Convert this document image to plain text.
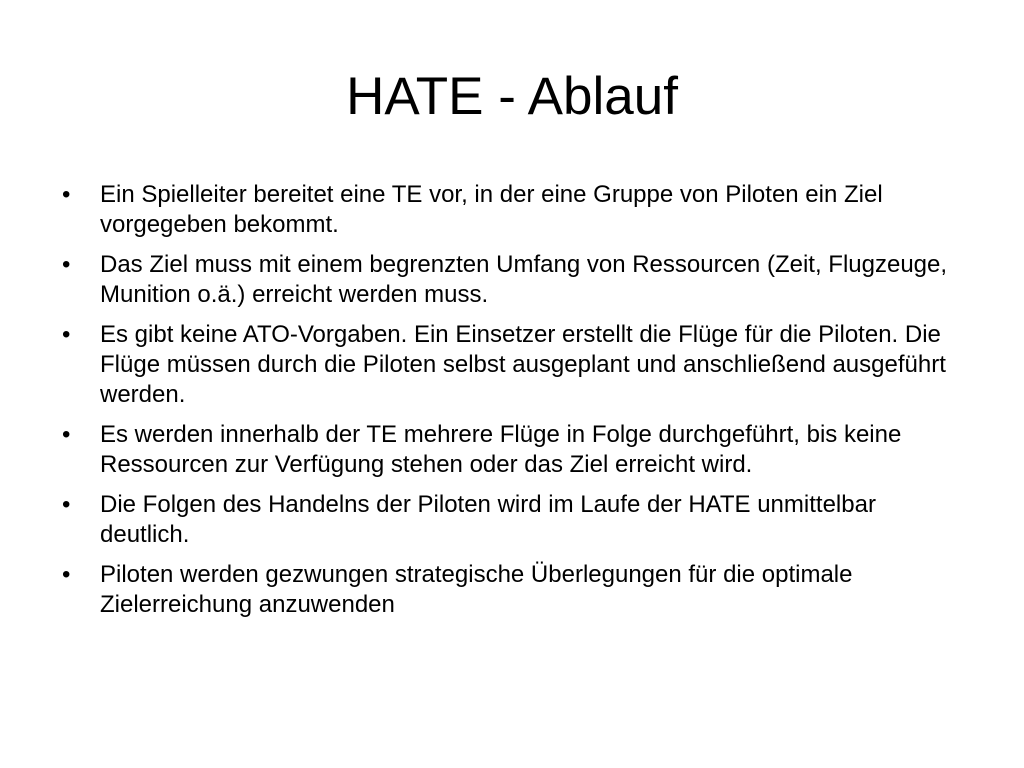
HATE - Ablauf
•	Ein Spielleiter bereitet eine TE vor, in der eine Gruppe von Piloten ein Ziel vorgegeben bekommt.
•	Das Ziel muss mit einem begrenzten Umfang von Ressourcen (Zeit, Flugzeuge, Munition o.ä.) erreicht werden muss.
•	Es gibt keine ATO-Vorgaben. Ein Einsetzer erstellt die Flüge für die Piloten. Die Flüge müssen durch die Piloten selbst ausgeplant und anschließend ausgeführt werden.
•	Es werden innerhalb der TE mehrere Flüge in Folge durchgeführt, bis keine Ressourcen zur Verfügung stehen oder das Ziel erreicht wird.
•	Die Folgen des Handelns der Piloten wird im Laufe der HATE unmittelbar deutlich.
•	Piloten werden gezwungen strategische Überlegungen für die optimale Zielerreichung anzuwenden
